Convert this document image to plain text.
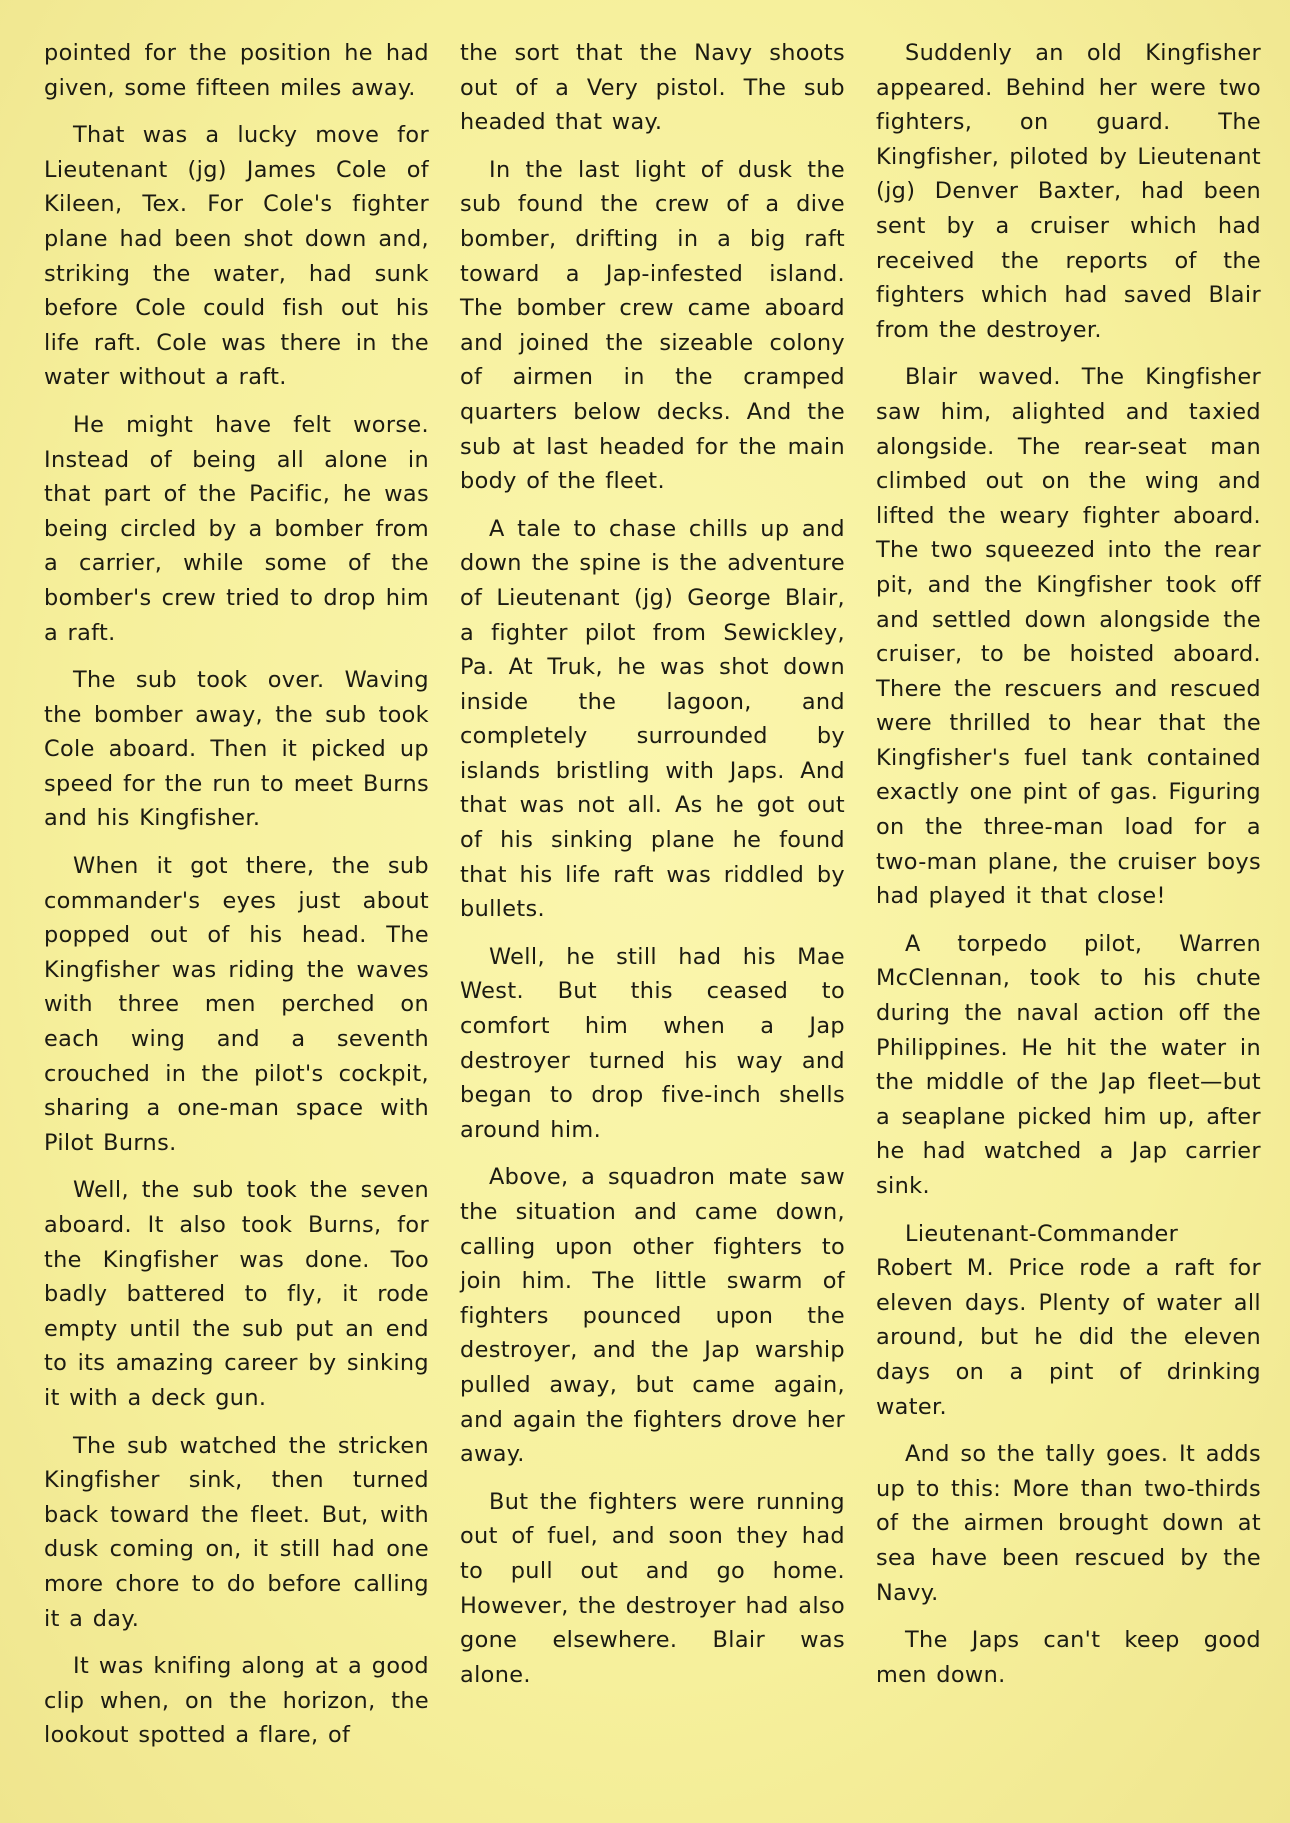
pointed for the position he had given, some fifteen miles away.

That was a lucky move for Lieutenant (jg) James Cole of Kileen, Tex. For Cole's fighter plane had been shot down and, striking the water, had sunk before Cole could fish out his life raft. Cole was there in the water without a raft.

He might have felt worse. Instead of being all alone in that part of the Pacific, he was being circled by a bomber from a carrier, while some of the bomber's crew tried to drop him a raft.

The sub took over. Waving the bomber away, the sub took Cole aboard. Then it picked up speed for the run to meet Burns and his Kingfisher.

When it got there, the sub commander's eyes just about popped out of his head. The Kingfisher was riding the waves with three men perched on each wing and a seventh crouched in the pilot's cockpit, sharing a one-man space with Pilot Burns.

Well, the sub took the seven aboard. It also took Burns, for the Kingfisher was done. Too badly battered to fly, it rode empty until the sub put an end to its amazing career by sinking it with a deck gun.

The sub watched the stricken Kingfisher sink, then turned back toward the fleet. But, with dusk coming on, it still had one more chore to do before calling it a day.

It was knifing along at a good clip when, on the horizon, the lookout spotted a flare, of

the sort that the Navy shoots out of a Very pistol. The sub headed that way.

In the last light of dusk the sub found the crew of a dive bomber, drifting in a big raft toward a Jap-infested island. The bomber crew came aboard and joined the sizeable colony of airmen in the cramped quarters below decks. And the sub at last headed for the main body of the fleet.

A tale to chase chills up and down the spine is the adventure of Lieutenant (jg) George Blair, a fighter pilot from Sewickley, Pa. At Truk, he was shot down inside the lagoon, and completely surrounded by islands bristling with Japs. And that was not all. As he got out of his sinking plane he found that his life raft was riddled by bullets.

Well, he still had his Mae West. But this ceased to comfort him when a Jap destroyer turned his way and began to drop five-inch shells around him.

Above, a squadron mate saw the situation and came down, calling upon other fighters to join him. The little swarm of fighters pounced upon the destroyer, and the Jap warship pulled away, but came again, and again the fighters drove her away.

But the fighters were running out of fuel, and soon they had to pull out and go home. However, the destroyer had also gone elsewhere. Blair was alone.

Suddenly an old Kingfisher appeared. Behind her were two fighters, on guard. The Kingfisher, piloted by Lieutenant (jg) Denver Baxter, had been sent by a cruiser which had received the reports of the fighters which had saved Blair from the destroyer.

Blair waved. The Kingfisher saw him, alighted and taxied alongside. The rear-seat man climbed out on the wing and lifted the weary fighter aboard. The two squeezed into the rear pit, and the Kingfisher took off and settled down alongside the cruiser, to be hoisted aboard. There the rescuers and rescued were thrilled to hear that the Kingfisher's fuel tank contained exactly one pint of gas. Figuring on the three-man load for a two-man plane, the cruiser boys had played it that close!

A torpedo pilot, Warren McClennan, took to his chute during the naval action off the Philippines. He hit the water in the middle of the Jap fleet—but a seaplane picked him up, after he had watched a Jap carrier sink.

Lieutenant-Commander Robert M. Price rode a raft for eleven days. Plenty of water all around, but he did the eleven days on a pint of drinking water.

And so the tally goes. It adds up to this: More than two-thirds of the airmen brought down at sea have been rescued by the Navy.

The Japs can't keep good men down.
